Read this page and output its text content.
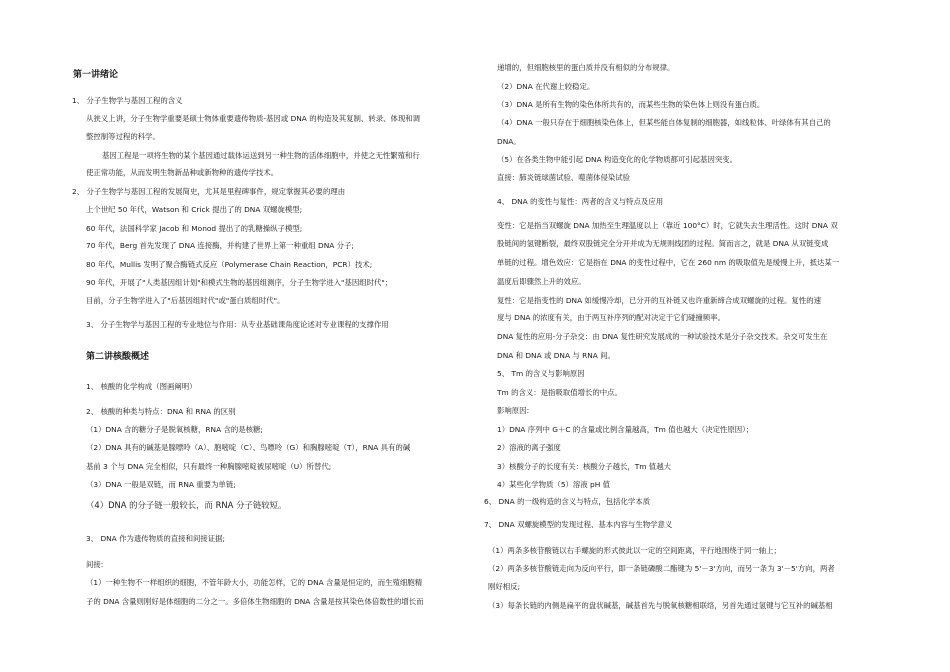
第一讲绪论
1、 分子生物学与基因工程的含义
从狭义上讲，分子生物学重要是硕士物体重要遗传物质-基因或 DNA 的构造及其复制、转录、体现和调
整控制等过程的科学。
基因工程是一项将生物的某个基因通过载体运送到另一种生物的活体细胞中，并使之无性繁殖和行
使正常功能，从而发明生物新品种或新物种的遗传学技术。
2、 分子生物学与基因工程的发展简史，尤其是里程碑事件，规定掌握其必要的理由
上个世纪 50 年代，Watson 和 Crick 提出了的 DNA 双螺旋模型;
60 年代，法国科学家 Jacob 和 Monod 提出了的乳糖操纵子模型;
70 年代，Berg 首先发现了 DNA 连接酶，并构建了世界上第一种重组 DNA 分子;
80 年代，Mullis 发明了聚合酶链式反应（Polymerase Chain Reaction，PCR）技术;
90 年代，开展了"人类基因组计划"和模式生物的基因组测序，分子生物学进入"基因组时代"；
目前，分子生物学进入了"后基因组时代"或"蛋白质组时代"。
3、 分子生物学与基因工程的专业地位与作用：从专业基础课角度论述对专业课程的支撑作用
第二讲核酸概述
1、 核酸的化学构成（图画阐明）
2、 核酸的种类与特点：DNA 和 RNA 的区别
（1）DNA 含的糖分子是脱氧核糖，RNA 含的是核糖;
（2）DNA 具有的碱基是腺嘌呤（A）、胞嘧啶（C）、鸟嘌呤（G）和胸腺嘧啶（T），RNA 具有的碱
基前 3 个与 DNA 完全相似，只有最终一种胸腺嘧啶被尿嘧啶（U）所替代;
（3）DNA 一般是双链，而 RNA 重要为单链;
（4）DNA 的分子链一般较长，而 RNA 分子链较短。
3、 DNA 作为遗传物质的直接和间接证据;
间接:
（1）一种生物不一样组织的细胞，不管年龄大小，功能怎样，它的 DNA 含量是恒定的，而生殖细胞精
子的 DNA 含量则刚好是体细胞的二分之一。多倍体生物细胞的 DNA 含量是按其染色体倍数性的增长而
递增的，但细胞核里的蛋白质并没有相似的分布规律。
（2）DNA 在代谢上较稳定。
（3）DNA 是所有生物的染色体所共有的，而某些生物的染色体上则没有蛋白质。
（4）DNA 一般只存在于细胞核染色体上，但某些能自体复制的细胞器，如线粒体、叶绿体有其自己的
DNA。
（5）在各类生物中能引起 DNA 构造变化的化学物质都可引起基因突变。
直接：肺炎链球菌试验、噬菌体侵染试验
4、 DNA 的变性与复性：两者的含义与特点及应用
变性：它是指当双螺旋 DNA 加热至生理温度以上（靠近 100°C）时，它就失去生理活性。这时 DNA 双
股链间的氢键断裂，最终双股链完全分开并成为无规则线团的过程。简而言之，就是 DNA 从双链变成
单链的过程。增色效应：它是指在 DNA 的变性过程中，它在 260 nm 的吸取值先是缓慢上升，抵达某一
温度后即骤然上升的效应。
复性：它是指变性的 DNA 如缓慢冷却，已分开的互补链又也许重新缔合成双螺旋的过程。复性的速
度与 DNA 的浓度有关，由于两互补序列的配对决定于它们碰撞频率。
DNA 复性的应用-分子杂交：由 DNA 复性研究发展成的一种试验技术是分子杂交技术。杂交可发生在
DNA 和 DNA 或 DNA 与 RNA 间。
5、 Tm 的含义与影响原因
Tm 的含义：是指吸取值增长的中点。
影响原因:
1）DNA 序列中 G＋C 的含量或比例含量越高，Tm 值也越大（决定性原因）；
2）溶液的离子强度
3）核酸分子的长度有关：核酸分子越长，Tm 值越大
4）某些化学物质（5）溶液 pH 值
6、 DNA 的一级构造的含义与特点，包括化学本质
7、 DNA 双螺旋模型的发现过程、基本内容与生物学意义
（1）两条多核苷酸链以右手螺旋的形式彼此以一定的空间距离，平行地围绕于同一轴上；
（2）两条多核苷酸链走向为反向平行，即一条链磷酸二酯键为 5'－3'方向，而另一条为 3'－5'方向，两者
刚好相反;
（3）每条长链的内侧是扁平的盘状碱基，碱基首先与脱氧核糖相联络，另首先通过氢键与它互补的碱基相
